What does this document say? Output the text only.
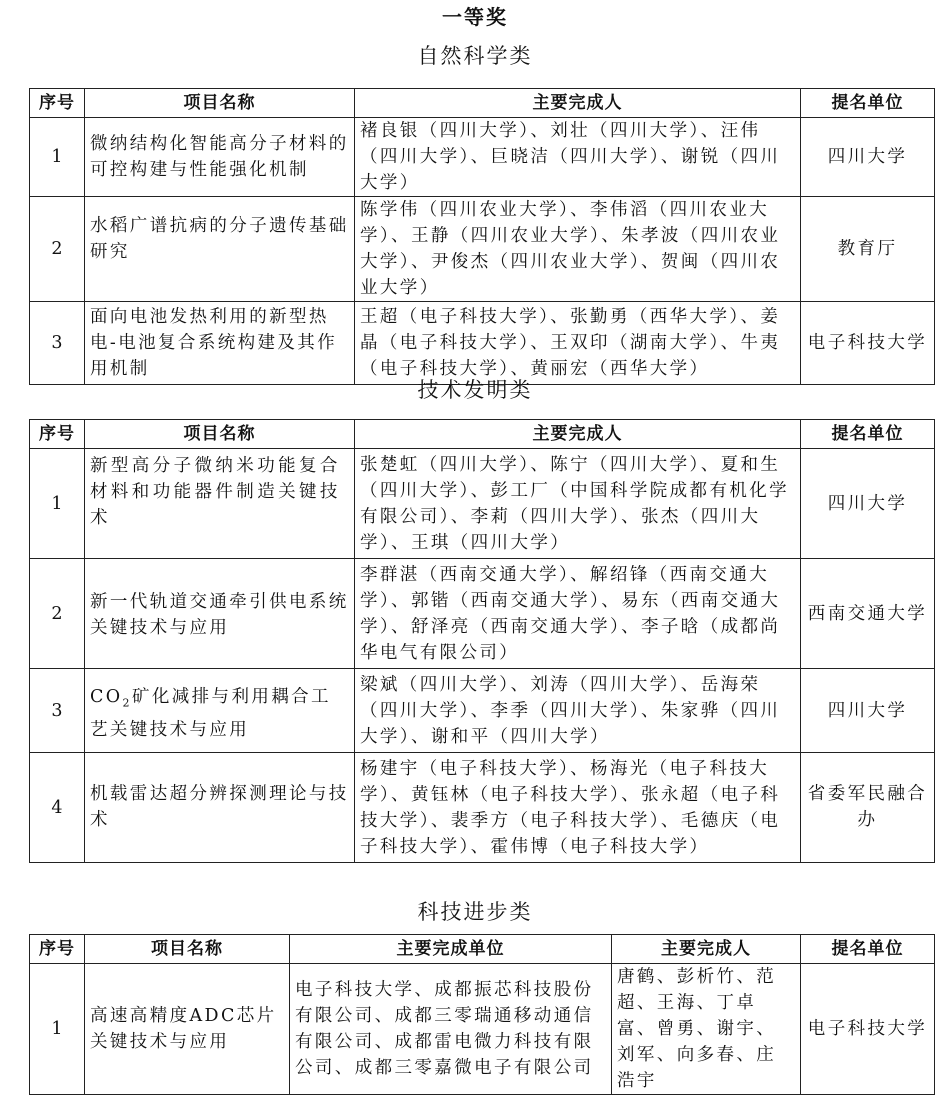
一等奖
自然科学类
序号	项目名称	主要完成人	提名单位
1	微纳结构化智能高分子材料的可控构建与性能强化机制	褚良银（四川大学）、刘壮（四川大学）、汪伟（四川大学）、巨晓洁（四川大学）、谢锐（四川大学）	四川大学
2	水稻广谱抗病的分子遗传基础研究	陈学伟（四川农业大学）、李伟滔（四川农业大学）、王静（四川农业大学）、朱孝波（四川农业大学）、尹俊杰（四川农业大学）、贺闽（四川农业大学）	教育厅
3	面向电池发热利用的新型热电-电池复合系统构建及其作用机制	王超（电子科技大学）、张勤勇（西华大学）、姜晶（电子科技大学）、王双印（湖南大学）、牛夷（电子科技大学）、黄丽宏（西华大学）	电子科技大学
技术发明类
序号	项目名称	主要完成人	提名单位
1	新型高分子微纳米功能复合材料和功能器件制造关键技术	张楚虹（四川大学）、陈宁（四川大学）、夏和生（四川大学）、彭工厂（中国科学院成都有机化学有限公司）、李莉（四川大学）、张杰（四川大学）、王琪（四川大学）	四川大学
2	新一代轨道交通牵引供电系统关键技术与应用	李群湛（西南交通大学）、解绍锋（西南交通大学）、郭锴（西南交通大学）、易东（西南交通大学）、舒泽亮（西南交通大学）、李子晗（成都尚华电气有限公司）	西南交通大学
3	$CO_2$矿化减排与利用耦合工艺关键技术与应用	梁斌（四川大学）、刘涛（四川大学）、岳海荣（四川大学）、李季（四川大学）、朱家骅（四川大学）、谢和平（四川大学）	四川大学
4	机载雷达超分辨探测理论与技术	杨建宇（电子科技大学）、杨海光（电子科技大学）、黄钰林（电子科技大学）、张永超（电子科技大学）、裴季方（电子科技大学）、毛德庆（电子科技大学）、霍伟博（电子科技大学）	省委军民融合办
科技进步类
序号	项目名称	主要完成单位	主要完成人	提名单位
1	高速高精度ADC芯片关键技术与应用	电子科技大学、成都振芯科技股份有限公司、成都三零瑞通移动通信有限公司、成都雷电微力科技有限公司、成都三零嘉微电子有限公司	唐鹤、彭析竹、范超、王海、丁卓富、曾勇、谢宇、刘军、向多春、庄浩宇	电子科技大学
